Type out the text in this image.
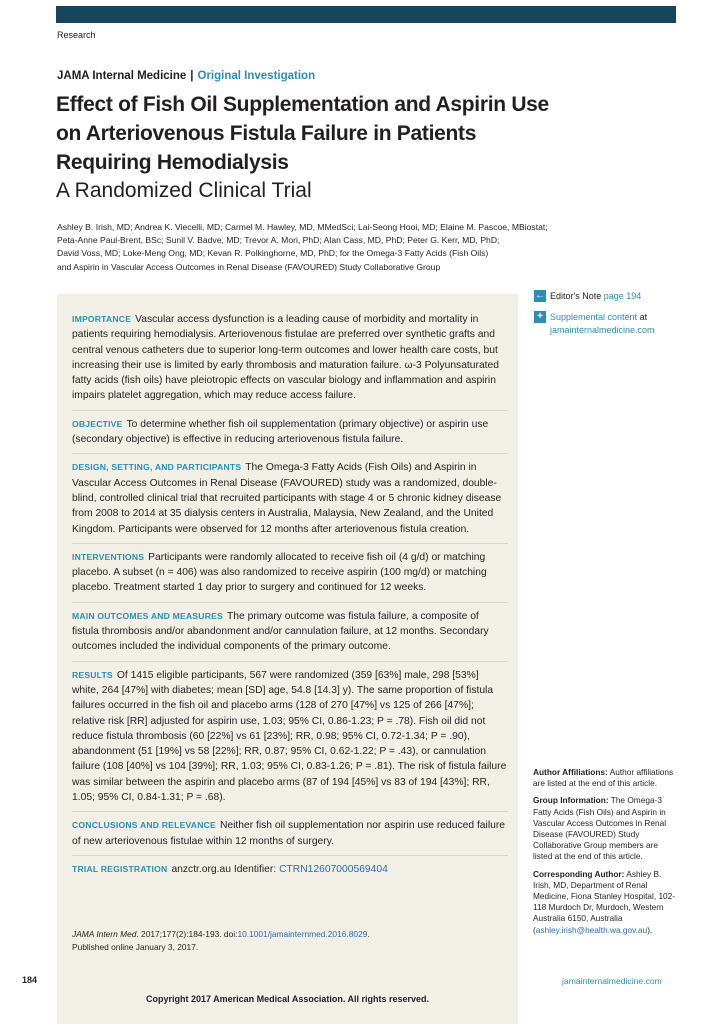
Research
JAMA Internal Medicine | Original Investigation
Effect of Fish Oil Supplementation and Aspirin Use
on Arteriovenous Fistula Failure in Patients
Requiring Hemodialysis
A Randomized Clinical Trial
Ashley B. Irish, MD; Andrea K. Viecelli, MD; Carmel M. Hawley, MD, MMedSci; Lai-Seong Hooi, MD; Elaine M. Pascoe, MBiostat;
Peta-Anne Paul-Brent, BSc; Sunil V. Badve, MD; Trevor A. Mori, PhD; Alan Cass, MD, PhD; Peter G. Kerr, MD, PhD;
David Voss, MD; Loke-Meng Ong, MD; Kevan R. Polkinghorne, MD, PhD; for the Omega-3 Fatty Acids (Fish Oils)
and Aspirin in Vascular Access Outcomes in Renal Disease (FAVOURED) Study Collaborative Group
IMPORTANCE Vascular access dysfunction is a leading cause of morbidity and mortality in patients requiring hemodialysis. Arteriovenous fistulae are preferred over synthetic grafts and central venous catheters due to superior long-term outcomes and lower health care costs, but increasing their use is limited by early thrombosis and maturation failure. ω-3 Polyunsaturated fatty acids (fish oils) have pleiotropic effects on vascular biology and inflammation and aspirin impairs platelet aggregation, which may reduce access failure.
OBJECTIVE To determine whether fish oil supplementation (primary objective) or aspirin use (secondary objective) is effective in reducing arteriovenous fistula failure.
DESIGN, SETTING, AND PARTICIPANTS The Omega-3 Fatty Acids (Fish Oils) and Aspirin in Vascular Access Outcomes in Renal Disease (FAVOURED) study was a randomized, double-blind, controlled clinical trial that recruited participants with stage 4 or 5 chronic kidney disease from 2008 to 2014 at 35 dialysis centers in Australia, Malaysia, New Zealand, and the United Kingdom. Participants were observed for 12 months after arteriovenous fistula creation.
INTERVENTIONS Participants were randomly allocated to receive fish oil (4 g/d) or matching placebo. A subset (n = 406) was also randomized to receive aspirin (100 mg/d) or matching placebo. Treatment started 1 day prior to surgery and continued for 12 weeks.
MAIN OUTCOMES AND MEASURES The primary outcome was fistula failure, a composite of fistula thrombosis and/or abandonment and/or cannulation failure, at 12 months. Secondary outcomes included the individual components of the primary outcome.
RESULTS Of 1415 eligible participants, 567 were randomized (359 [63%] male, 298 [53%] white, 264 [47%] with diabetes; mean [SD] age, 54.8 [14.3] y). The same proportion of fistula failures occurred in the fish oil and placebo arms (128 of 270 [47%] vs 125 of 266 [47%]; relative risk [RR] adjusted for aspirin use, 1.03; 95% CI, 0.86-1.23; P = .78). Fish oil did not reduce fistula thrombosis (60 [22%] vs 61 [23%]; RR, 0.98; 95% CI, 0.72-1.34; P = .90), abandonment (51 [19%] vs 58 [22%]; RR, 0.87; 95% CI, 0.62-1.22; P = .43), or cannulation failure (108 [40%] vs 104 [39%]; RR, 1.03; 95% CI, 0.83-1.26; P = .81). The risk of fistula failure was similar between the aspirin and placebo arms (87 of 194 [45%] vs 83 of 194 [43%]; RR, 1.05; 95% CI, 0.84-1.31; P = .68).
CONCLUSIONS AND RELEVANCE Neither fish oil supplementation nor aspirin use reduced failure of new arteriovenous fistulae within 12 months of surgery.
TRIAL REGISTRATION anzctr.org.au Identifier: CTRN12607000569404
JAMA Intern Med. 2017;177(2):184-193. doi:10.1001/jamainternmed.2016.8029.
Published online January 3, 2017.
Copyright 2017 American Medical Association. All rights reserved.
← Editor's Note page 194
+ Supplemental content at
jamainternalmedicine.com

Author Affiliations: Author affiliations are listed at the end of this article.

Group Information: The Omega-3 Fatty Acids (Fish Oils) and Aspirin in Vascular Access Outcomes in Renal Disease (FAVOURED) Study Collaborative Group members are listed at the end of this article.

Corresponding Author: Ashley B. Irish, MD, Department of Renal Medicine, Fiona Stanley Hospital, 102-118 Murdoch Dr, Murdoch, Western Australia 6150, Australia (ashley.irish@health.wa.gov.au).

184	jamainternalmedicine.com
